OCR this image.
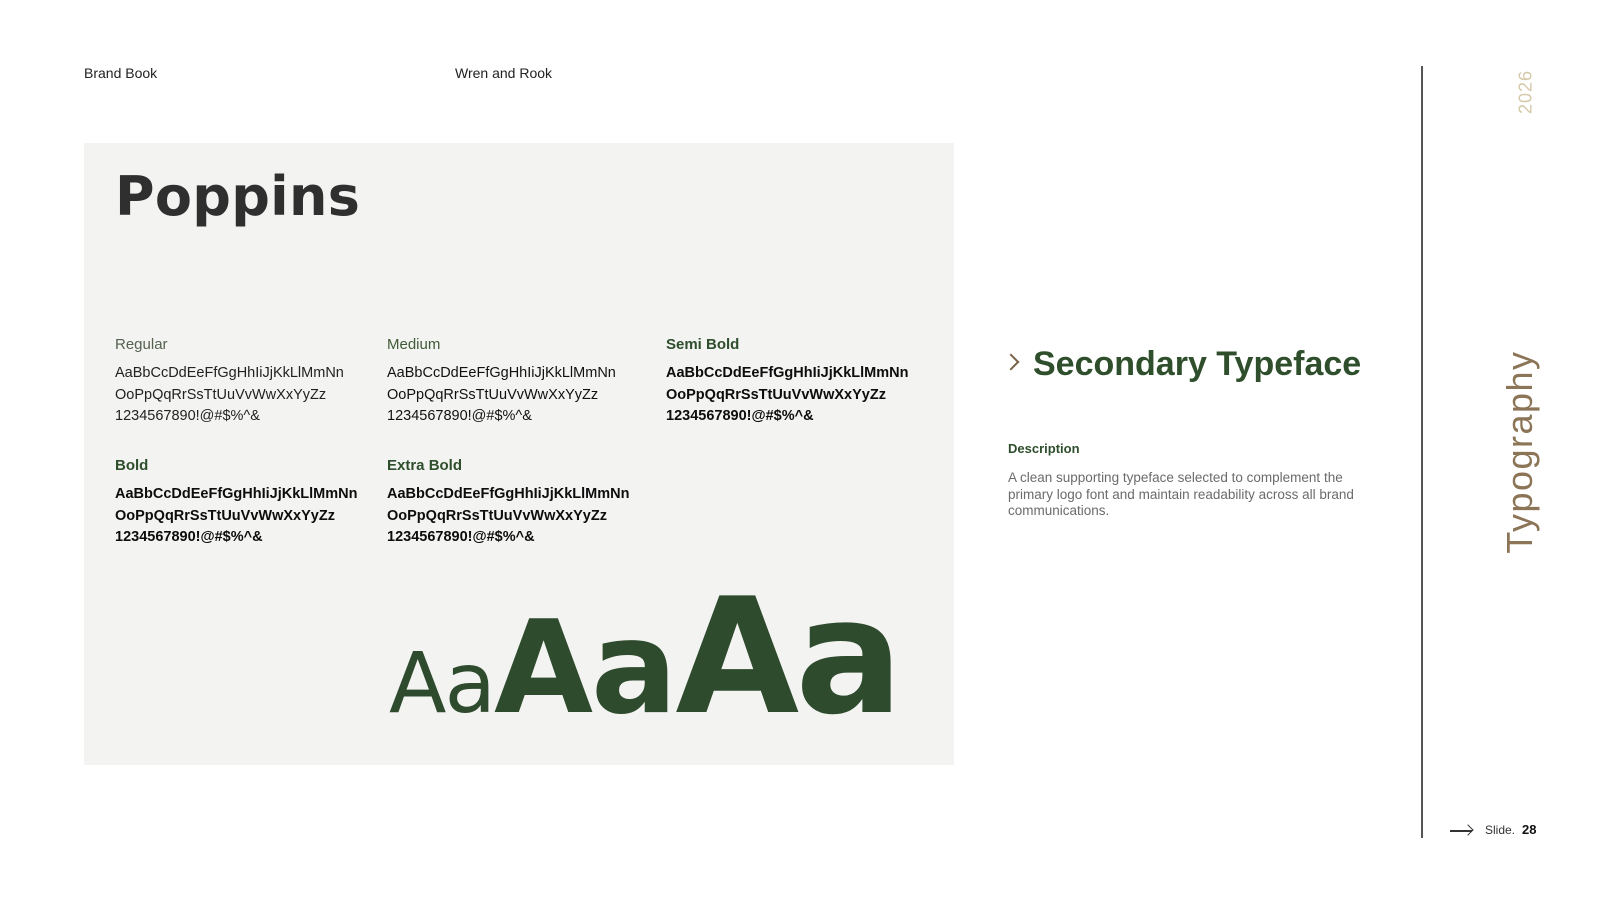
Brand Book	Wren and Rook
Poppins
Regular
AaBbCcDdEeFfGgHhIiJjKkLlMmNn
OoPpQqRrSsTtUuVvWwXxYyZz
1234567890!@#$%^&
Medium
AaBbCcDdEeFfGgHhIiJjKkLlMmNn
OoPpQqRrSsTtUuVvWwXxYyZz
1234567890!@#$%^&
Semi Bold
AaBbCcDdEeFfGgHhIiJjKkLlMmNn
OoPpQqRrSsTtUuVvWwXxYyZz
1234567890!@#$%^&
Bold
AaBbCcDdEeFfGgHhIiJjKkLlMmNn
OoPpQqRrSsTtUuVvWwXxYyZz
1234567890!@#$%^&
Extra Bold
AaBbCcDdEeFfGgHhIiJjKkLlMmNn
OoPpQqRrSsTtUuVvWwXxYyZz
1234567890!@#$%^&
AaAaAa
Secondary Typeface
Description
A clean supporting typeface selected to complement the primary logo font and maintain readability across all brand communications.
2026
Typography
Slide. 28
